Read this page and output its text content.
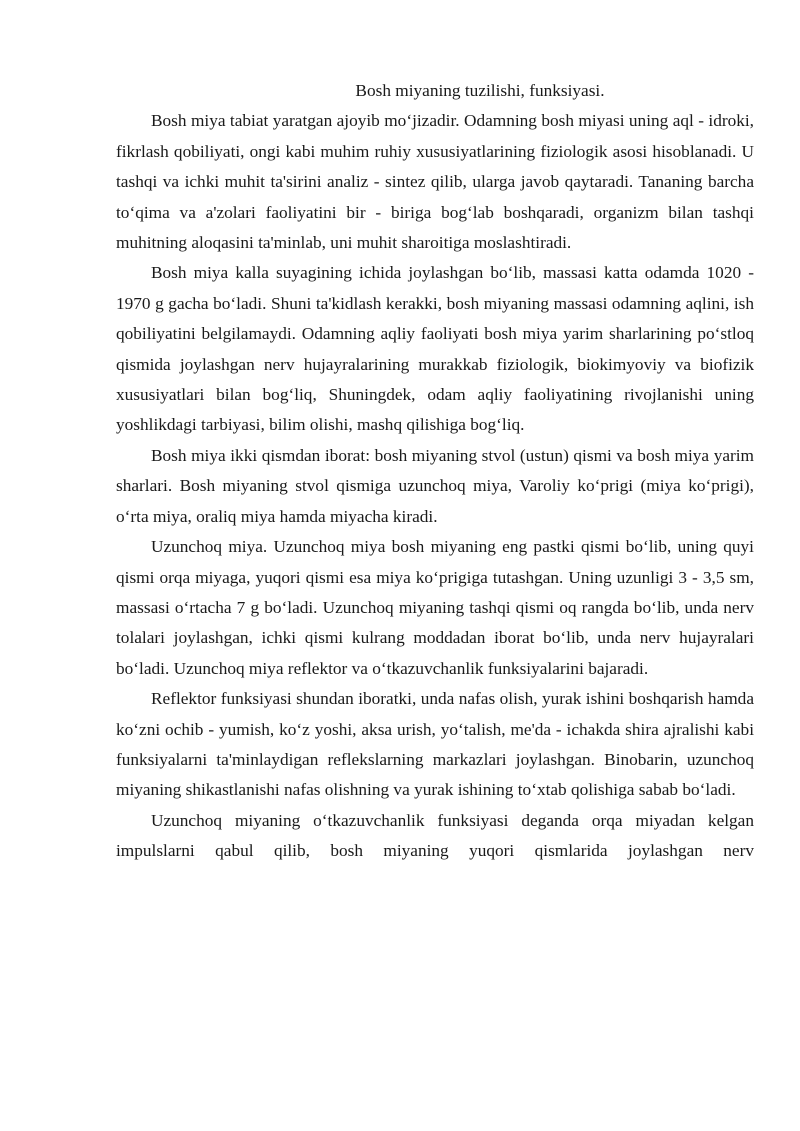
Bosh miyaning tuzilishi, funksiyasi.

Bosh miya tabiat yaratgan ajoyib mo‘jizadir. Odamning bosh miyasi uning aql - idroki, fikrlash qobiliyati, ongi kabi muhim ruhiy xususiyatlarining fiziologik asosi hisoblanadi. U tashqi va ichki muhit ta'sirini analiz - sintez qilib, ularga javob qaytaradi. Tananing barcha to‘qima va a'zolari faoliyatini bir - biriga bog‘lab boshqaradi, organizm bilan tashqi muhitning aloqasini ta'minlab, uni muhit sharoitiga moslashtiradi.

Bosh miya kalla suyagining ichida joylashgan bo‘lib, massasi katta odamda 1020 - 1970 g gacha bo‘ladi. Shuni ta'kidlash kerakki, bosh miyaning massasi odamning aqlini, ish qobiliyatini belgilamaydi. Odamning aqliy faoliyati bosh miya yarim sharlarining po‘stloq qismida joylashgan nerv hujayralarining murakkab fiziologik, biokimyoviy va biofizik xususiyatlari bilan bog‘liq, Shuningdek, odam aqliy faoliyatining rivojlanishi uning yoshlikdagi tarbiyasi, bilim olishi, mashq qilishiga bog‘liq.

Bosh miya ikki qismdan iborat: bosh miyaning stvol (ustun) qismi va bosh miya yarim sharlari. Bosh miyaning stvol qismiga uzunchoq miya, Varoliy ko‘prigi (miya ko‘prigi), o‘rta miya, oraliq miya hamda miyacha kiradi.

Uzunchoq miya. Uzunchoq miya bosh miyaning eng pastki qismi bo‘lib, uning quyi qismi orqa miyaga, yuqori qismi esa miya ko‘prigiga tutashgan. Uning uzunligi 3 - 3,5 sm, massasi o‘rtacha 7 g bo‘ladi. Uzunchoq miyaning tashqi qismi oq rangda bo‘lib, unda nerv tolalari joylashgan, ichki qismi kulrang moddadan iborat bo‘lib, unda nerv hujayralari bo‘ladi. Uzunchoq miya reflektor va o‘tkazuvchanlik funksiyalarini bajaradi.

Reflektor funksiyasi shundan iboratki, unda nafas olish, yurak ishini boshqarish hamda ko‘zni ochib - yumish, ko‘z yoshi, aksa urish, yo‘talish, me'da - ichakda shira ajralishi kabi funksiyalarni ta'minlaydigan reflekslarning markazlari joylashgan. Binobarin, uzunchoq miyaning shikastlanishi nafas olishning va yurak ishining to‘xtab qolishiga sabab bo‘ladi.

Uzunchoq miyaning o‘tkazuvchanlik funksiyasi deganda orqa miyadan kelgan impulslarni qabul qilib, bosh miyaning yuqori qismlarida joylashgan nerv
